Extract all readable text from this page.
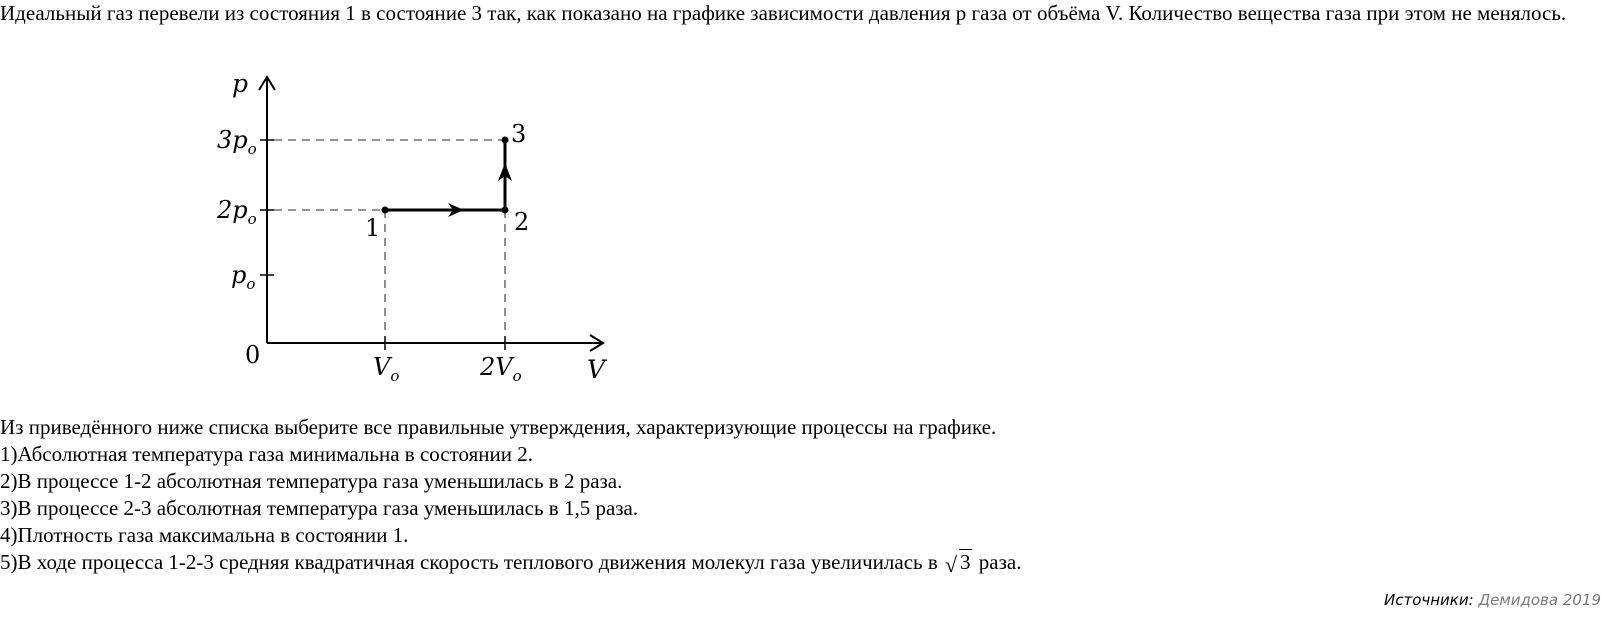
Идеальный газ перевели из состояния 1 в состояние 3 так, как показано на графике зависимости давления p газа от объёма V. Количество вещества газа при этом не менялось.
p
V
0
$3p_o$
$2p_o$
$p_o$
$V_o$	$2V_o$
1	2
3
Из приведённого ниже списка выберите все правильные утверждения, характеризующие процессы на графике.
1)Абсолютная температура газа минимальна в состоянии 2.
2)В процессе 1-2 абсолютная температура газа уменьшилась в 2 раза.
3)В процессе 2-3 абсолютная температура газа уменьшилась в 1,5 раза.
4)Плотность газа максимальна в состоянии 1.
5)В ходе процесса 1-2-3 средняя квадратичная скорость теплового движения молекул газа увеличилась в √ 3 раза.
Источники: Демидова 2019
